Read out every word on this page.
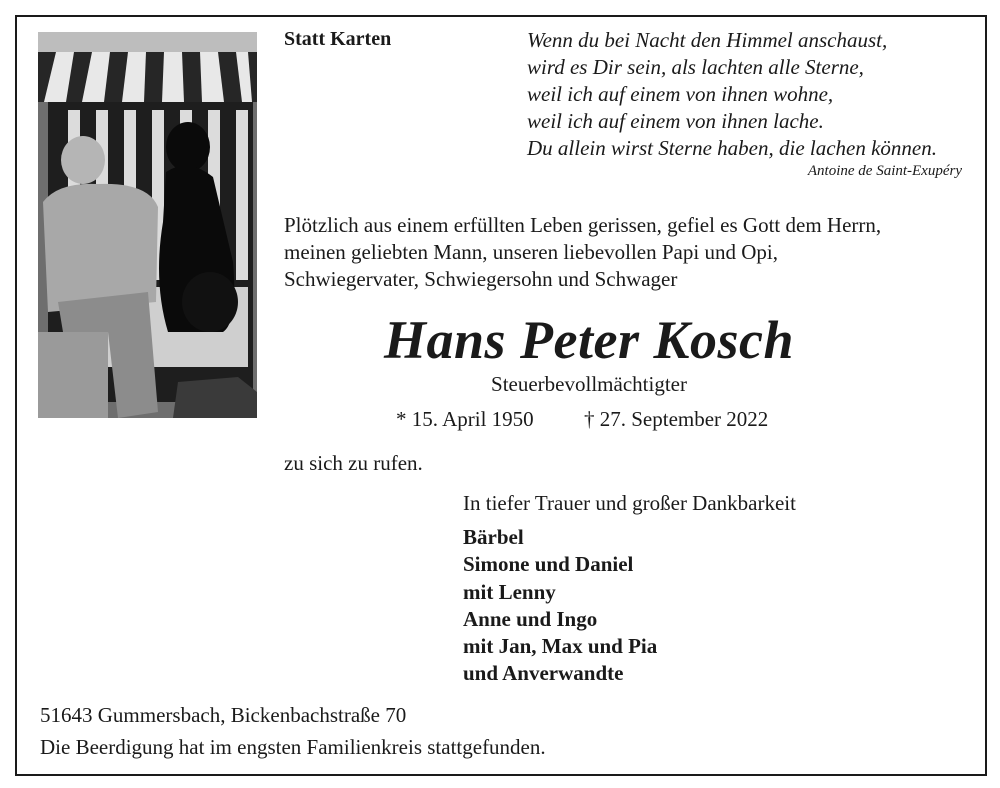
Statt Karten	Wenn du bei Nacht den Himmel anschaust,
wird es Dir sein, als lachten alle Sterne,
weil ich auf einem von ihnen wohne,
weil ich auf einem von ihnen lache.
Du allein wirst Sterne haben, die lachen können.
Antoine de Saint-Exupéry
Plötzlich aus einem erfüllten Leben gerissen, gefiel es Gott dem Herrn,
meinen geliebten Mann, unseren liebevollen Papi und Opi,
Schwiegervater, Schwiegersohn und Schwager
Hans Peter Kosch
Steuerbevollmächtigter
* 15. April 1950 † 27. September 2022
zu sich zu rufen.
In tiefer Trauer und großer Dankbarkeit
Bärbel
Simone und Daniel
mit Lenny
Anne und Ingo
mit Jan, Max und Pia
und Anverwandte
51643 Gummersbach, Bickenbachstraße 70
Die Beerdigung hat im engsten Familienkreis stattgefunden.
